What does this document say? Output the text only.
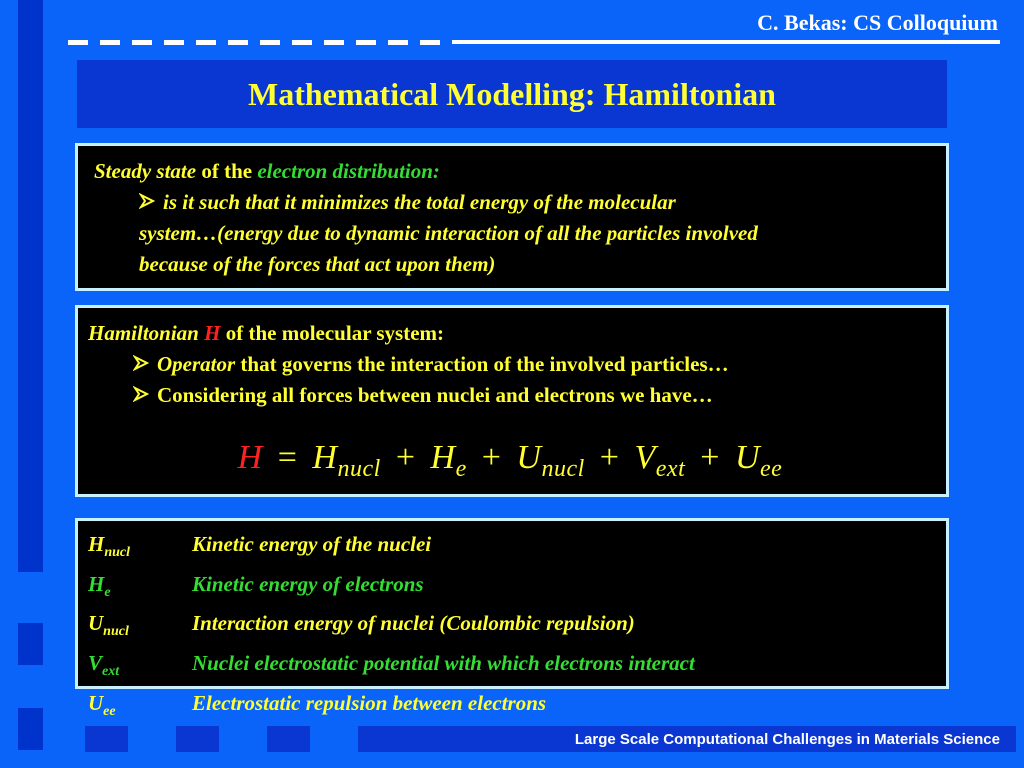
C. Bekas: CS Colloquium
Mathematical Modelling: Hamiltonian
Steady state of the electron distribution:
is it such that it minimizes the total energy of the molecular
system…(energy due to dynamic interaction of all the particles involved
because of the forces that act upon them)
Hamiltonian H of the molecular system:
Operator that governs the interaction of the involved particles…
Considering all forces between nuclei and electrons we have…
$H = H_{nucl} + H_e + U_{nucl} + V_{ext} + U_{ee}$
$H_{nucl}$	Kinetic energy of the nuclei
$H_e$	Kinetic energy of electrons
$U_{nucl}$	Interaction energy of nuclei (Coulombic repulsion)
$V_{ext}$	Nuclei electrostatic potential with which electrons interact
$U_{ee}$	Electrostatic repulsion between electrons
Large Scale Computational Challenges in Materials Science
